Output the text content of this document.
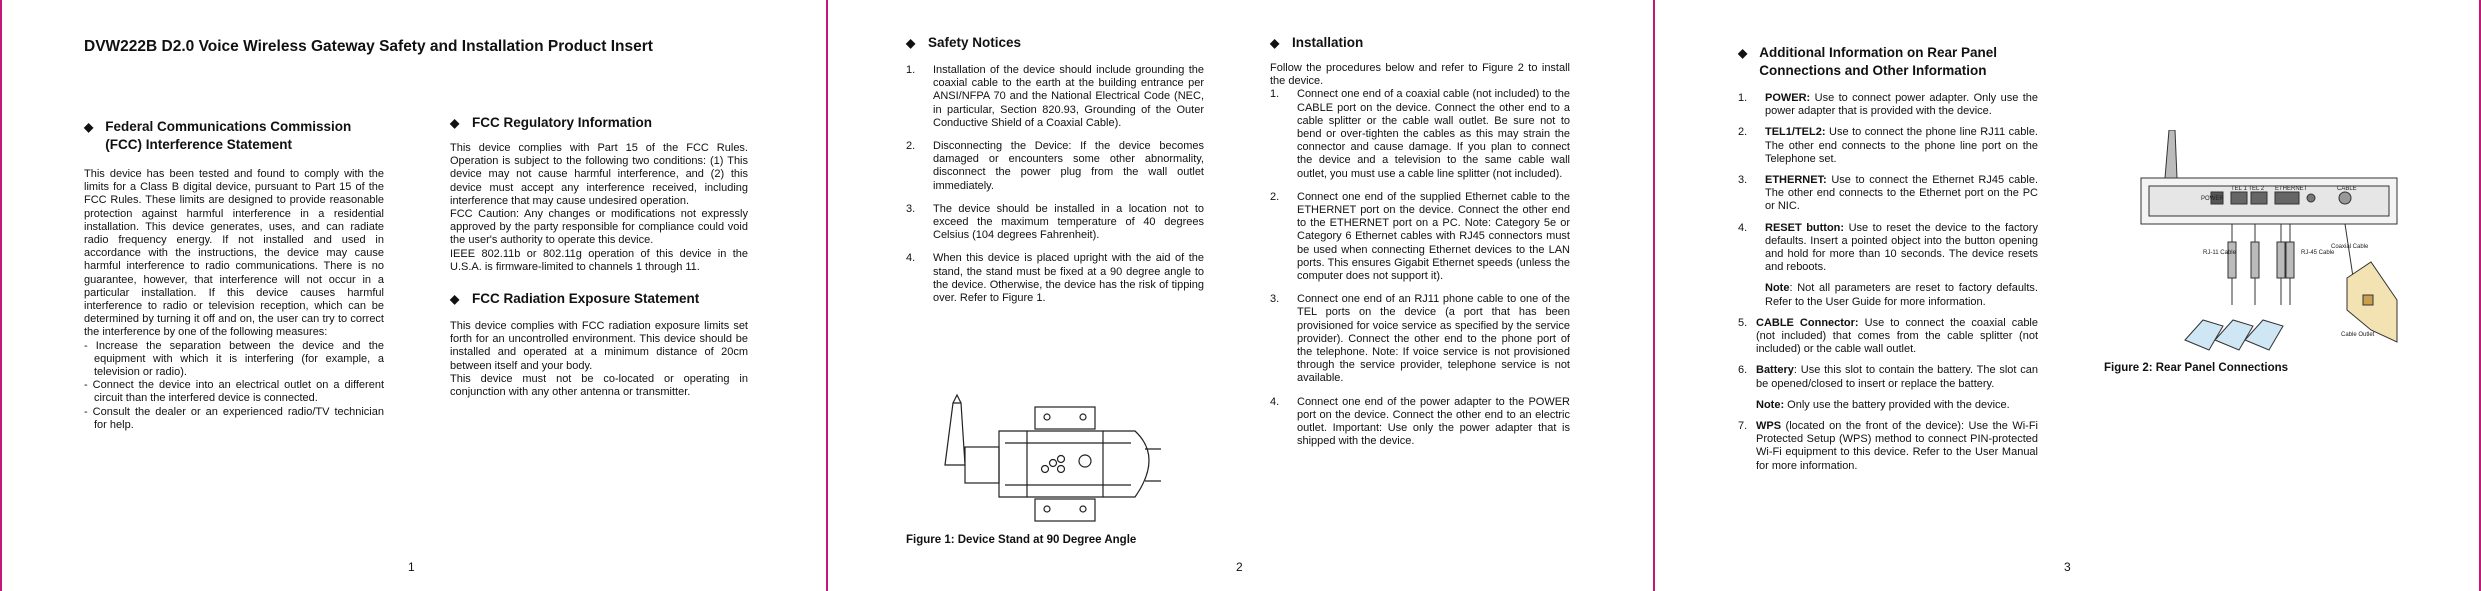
DVW222B D2.0 Voice Wireless Gateway Safety and Installation Product Insert
◆ Federal Communications Commission (FCC) Interference Statement

This device has been tested and found to comply with the limits for a Class B digital device, pursuant to Part 15 of the FCC Rules. These limits are designed to provide reasonable protection against harmful interference in a residential installation. This device generates, uses, and can radiate radio frequency energy. If not installed and used in accordance with the instructions, the device may cause harmful interference to radio communications. There is no guarantee, however, that interference will not occur in a particular installation. If this device causes harmful interference to radio or television reception, which can be determined by turning it off and on, the user can try to correct the interference by one of the following measures:

- Increase the separation between the device and the equipment with which it is interfering (for example, a television or radio).
- Connect the device into an electrical outlet on a different circuit than the interfered device is connected.
- Consult the dealer or an experienced radio/TV technician for help.
◆ FCC Regulatory Information
This device complies with Part 15 of the FCC Rules. Operation is subject to the following two conditions: (1) This device may not cause harmful interference, and (2) this device must accept any interference received, including interference that may cause undesired operation.
FCC Caution: Any changes or modifications not expressly approved by the party responsible for compliance could void the user's authority to operate this device.
IEEE 802.11b or 802.11g operation of this device in the U.S.A. is firmware-limited to channels 1 through 11.
◆ FCC Radiation Exposure Statement
This device complies with FCC radiation exposure limits set forth for an uncontrolled environment. This device should be installed and operated at a minimum distance of 20cm between itself and your body.
This device must not be co-located or operating in conjunction with any other antenna or transmitter.
1
◆ Safety Notices
1.	Installation of the device should include grounding the coaxial cable to the earth at the building entrance per ANSI/NFPA 70 and the National Electrical Code (NEC, in particular, Section 820.93, Grounding of the Outer Conductive Shield of a Coaxial Cable).
2.	Disconnecting the Device: If the device becomes damaged or encounters some other abnormality, disconnect the power plug from the wall outlet immediately.
3.	The device should be installed in a location not to exceed the maximum temperature of 40 degrees Celsius (104 degrees Fahrenheit).
4.	When this device is placed upright with the aid of the stand, the stand must be fixed at a 90 degree angle to the device. Otherwise, the device has the risk of tipping over. Refer to Figure 1.
Figure 1: Device Stand at 90 Degree Angle
◆ Installation
Follow the procedures below and refer to Figure 2 to install the device.
1.	Connect one end of a coaxial cable (not included) to the CABLE port on the device. Connect the other end to a cable splitter or the cable wall outlet. Be sure not to bend or over-tighten the cables as this may strain the connector and cause damage. If you plan to connect the device and a television to the same cable wall outlet, you must use a cable line splitter (not included).
2.	Connect one end of the supplied Ethernet cable to the ETHERNET port on the device. Connect the other end to the ETHERNET port on a PC. Note: Category 5e or Category 6 Ethernet cables with RJ45 connectors must be used when connecting Ethernet devices to the LAN ports. This ensures Gigabit Ethernet speeds (unless the computer does not support it).
3.	Connect one end of an RJ11 phone cable to one of the TEL ports on the device (a port that has been provisioned for voice service as specified by the service provider). Connect the other end to the phone port of the telephone. Note: If voice service is not provisioned through the service provider, telephone service is not available.
4.	Connect one end of the power adapter to the POWER port on the device. Connect the other end to an electric outlet. Important: Use only the power adapter that is shipped with the device.
2
◆ Additional Information on Rear Panel Connections and Other Information
1.	POWER: Use to connect power adapter. Only use the power adapter that is provided with the device.
2.	TEL1/TEL2: Use to connect the phone line RJ11 cable. The other end connects to the phone line port on the Telephone set.
3.	ETHERNET: Use to connect the Ethernet RJ45 cable. The other end connects to the Ethernet port on the PC or NIC.
4.	RESET button: Use to reset the device to the factory defaults. Insert a pointed object into the button opening and hold for more than 10 seconds. The device resets and reboots.
Note: Not all parameters are reset to factory defaults. Refer to the User Guide for more information.
5. CABLE Connector: Use to connect the coaxial cable (not included) that comes from the cable splitter (not included) or the cable wall outlet.
6. Battery: Use this slot to contain the battery. The slot can be opened/closed to insert or replace the battery.
Note: Only use the battery provided with the device.
7. WPS (located on the front of the device): Use the Wi-Fi Protected Setup (WPS) method to connect PIN-protected Wi-Fi equipment to this device. Refer to the User Manual for more information.
POWER
TEL 1 TEL 2 ETHERNET	CABLE
RJ-11 Cable	RJ-45 Cable
Coaxial Cable
Cable Outlet
Figure 2: Rear Panel Connections
3
